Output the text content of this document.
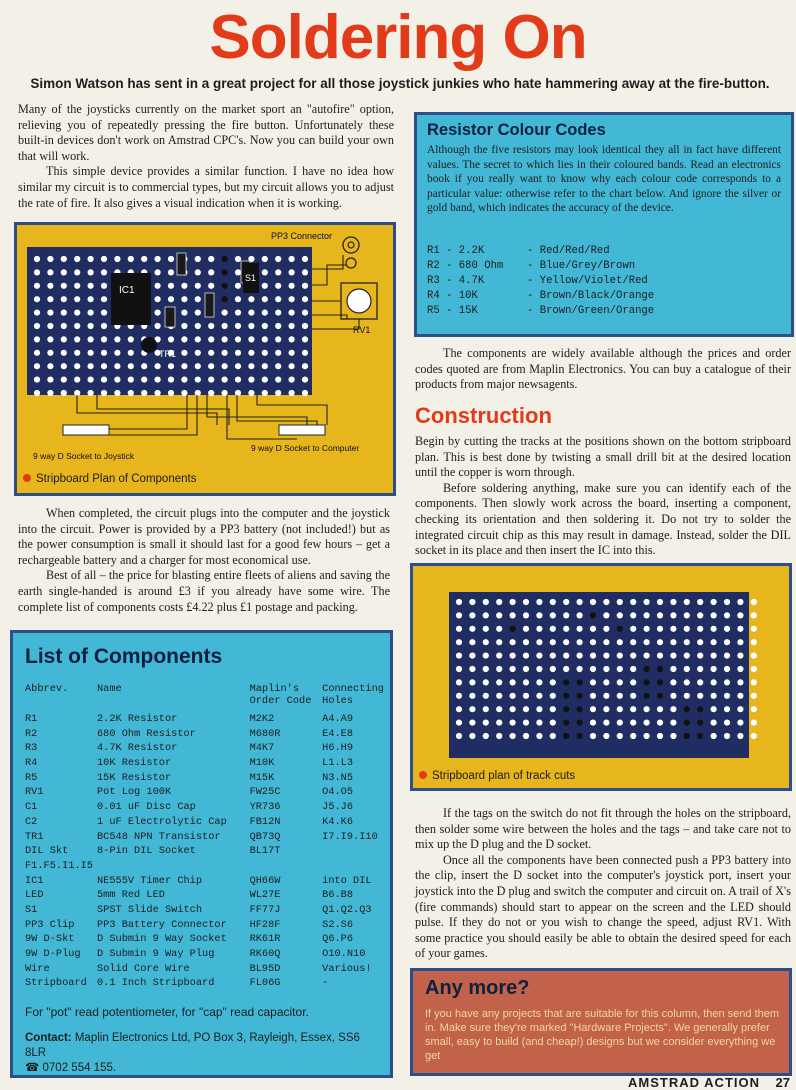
Soldering On
Simon Watson has sent in a great project for all those joystick junkies who hate hammering away at the fire-button.

Many of the joysticks currently on the market sport an "autofire" option, relieving you of repeatedly pressing the fire button. Unfortunately these built-in devices don't work on Amstrad CPC's. Now you can build your own that will work.

This simple device provides a similar function. I have no idea how similar my circuit is to commercial types, but my circuit allows you to adjust the rate of fire. It also gives a visual indication when it is working.

IC1
S1
TR1
PP3 Connector
RV1
9 way D Socket to Joystick
9 way D Socket to Computer
Stripboard Plan of Components

When completed, the circuit plugs into the computer and the joystick into the circuit. Power is provided by a PP3 battery (not included!) but as the power consumption is small it should last for a good few hours – get a rechargeable battery and a charger for most economical use.

Best of all – the price for blasting entire fleets of aliens and saving the earth single-handed is around £3 if you already have some wire. The complete list of components costs £4.22 plus £1 postage and packing.

List of Components
Abbrev.	Name	Maplin's Order Code	Connecting Holes
R1	2.2K Resistor	M2K2	A4.A9
R2	680 Ohm Resistor	M680R	E4.E8
R3	4.7K Resistor	M4K7	H6.H9
R4	10K Resistor	M10K	L1.L3
R5	15K Resistor	M15K	N3.N5
RV1	Pot Log 100K	FW25C	O4.O5
C1	0.01 uF Disc Cap	YR736	J5.J6
C2	1 uF Electrolytic Cap	FB12N	K4.K6
TR1	BC548 NPN Transistor	QB73Q	I7.I9.I10
DIL Skt	8-Pin DIL Socket	BL17T	
F1.F5.I1.I5			
IC1	NE555V Timer Chip	QH66W	into DIL
LED	5mm Red LED	WL27E	B6.B8
S1	SPST Slide Switch	FF77J	Q1.Q2.Q3
PP3 Clip	PP3 Battery Connector	HF28F	S2.S6
9W D-Skt	D Submin 9 Way Socket	RK61R	Q6.P6
9W D-Plug	D Submin 9 Way Plug	RK60Q	O10.N10
Wire	Solid Core Wire	BL95D	Various!
Stripboard	0.1 Inch Stripboard	FL06G	-
For "pot" read potentiometer, for "cap" read capacitor.
Contact: Maplin Electronics Ltd, PO Box 3, Rayleigh, Essex, SS6 8LR
☎ 0702 554 155.
Resistor Colour Codes
Although the five resistors may look identical they all in fact have different values. The secret to which lies in their coloured bands. Read an electronics book if you really want to know why each colour code corresponds to a particular value: otherwise refer to the chart below. And ignore the silver or gold band, which indicates the accuracy of the device.
R1 - 2.2K	- Red/Red/Red
R2 - 680 Ohm	- Blue/Grey/Brown
R3 - 4.7K	- Yellow/Violet/Red
R4 - 10K	- Brown/Black/Orange
R5 - 15K	- Brown/Green/Orange

The components are widely available although the prices and order codes quoted are from Maplin Electronics. You can buy a catalogue of their products from major newsagents.

Construction

Begin by cutting the tracks at the positions shown on the bottom stripboard plan. This is best done by twisting a small drill bit at the desired location until the copper is worn through.

Before soldering anything, make sure you can identify each of the components. Then slowly work across the board, inserting a component, checking its orientation and then soldering it. Do not try to solder the integrated circuit chip as this may result in damage. Instead, solder the DIL socket in its place and then insert the IC into this.

Stripboard plan of track cuts

If the tags on the switch do not fit through the holes on the stripboard, then solder some wire between the holes and the tags – and take care not to mix up the D plug and the D socket.

Once all the components have been connected push a PP3 battery into the clip, insert the D socket into the computer's joystick port, insert your joystick into the D plug and switch the computer and circuit on. A trail of X's (fire commands) should start to appear on the screen and the LED should pulse. If they do not or you wish to change the speed, adjust RV1. With some practice you should easily be able to obtain the desired speed for each of your games.

Any more?
If you have any projects that are suitable for this column, then send them in. Make sure they're marked "Hardware Projects". We generally prefer small, easy to build (and cheap!) designs but we consider everything we get
AMSTRAD ACTION 27
